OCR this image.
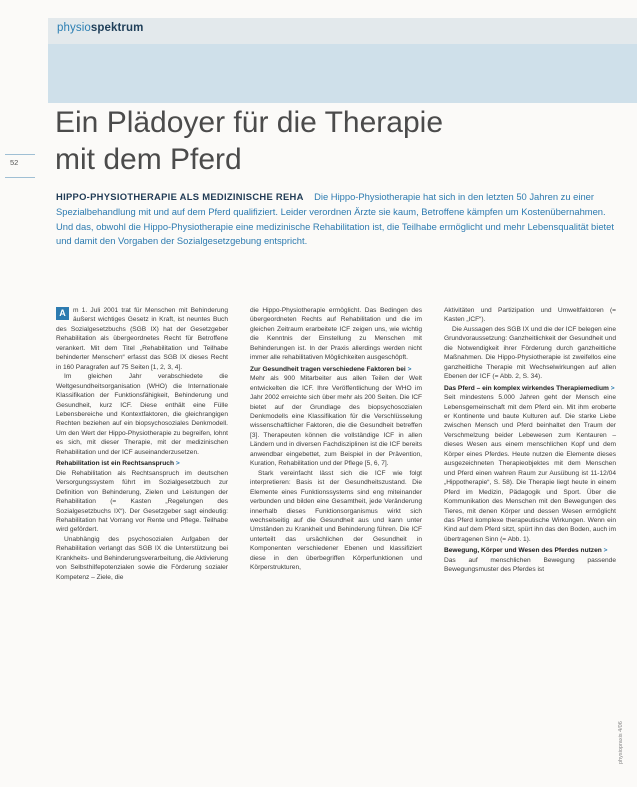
physiospektrum
52
Ein Plädoyer für die Therapie
mit dem Pferd
HIPPO-PHYSIOTHERAPIE ALS MEDIZINISCHE REHA Die Hippo-Physiotherapie hat sich in den letzten 50 Jahren zu einer Spezialbehandlung mit und auf dem Pferd qualifiziert. Leider verordnen Ärzte sie kaum, Betroffene kämpfen um Kostenübernahmen. Und das, obwohl die Hippo-Physiotherapie eine medizinische Rehabilitation ist, die Teilhabe ermöglicht und mehr Lebensqualität bietet und damit den Vorgaben der Sozialgesetzgebung entspricht.

A	m 1. Juli 2001 trat für Menschen mit Behinderung äußerst wichtiges Gesetz in Kraft, ist neuntes Buch des Sozialgesetzbuchs (SGB IX) hat der Gesetzgeber Rehabilitation als übergeordnetes Recht für Betroffene verankert. Mit dem Titel „Rehabilitation und Teilhabe behinderter Menschen“ erfasst das SGB IX dieses Recht in 160 Paragrafen auf 75 Seiten [1, 2, 3, 4].

Im gleichen Jahr verabschiedete die Weltgesundheitsorganisation (WHO) die Internationale Klassifikation der Funktionsfähigkeit, Behinderung und Gesundheit, kurz ICF. Diese enthält eine Fülle Lebensbereiche und Kontextfaktoren, die gleichrangigen Rechten beziehen auf ein biopsychosoziales Denkmodell. Um den Wert der Hippo-Physiotherapie zu begreifen, lohnt es sich, mit dieser Therapie, mit der medizinischen Rehabilitation und der ICF auseinanderzusetzen.

Rehabilitation ist ein Rechtsanspruch >

Die Rehabilitation als Rechtsanspruch im deutschen Versorgungssystem führt im Sozialgesetzbuch zur Definition von Behinderung, Zielen und Leistungen der Rehabilitation (= Kasten „Regelungen des Sozialgesetzbuchs IX“). Der Gesetzgeber sagt eindeutig: Rehabilitation hat Vorrang vor Rente und Pflege. Teilhabe wird gefördert.

Unabhängig des psychosozialen Aufgaben der Rehabilitation verlangt das SGB IX die Unterstützung bei Krankheits- und Behinderungsverarbeitung, die Aktivierung von Selbsthilfepotenzialen sowie die Förderung sozialer Kompetenz – Ziele, die

die Hippo-Physiotherapie ermöglicht. Das Bedingen des übergeordneten Rechts auf Rehabilitation und die im gleichen Zeitraum erarbeitete ICF zeigen uns, wie wichtig die Kenntnis der Einstellung zu Menschen mit Behinderungen ist. In der Praxis allerdings werden nicht immer alle rehabilitativen Möglichkeiten ausgeschöpft.

Zur Gesundheit tragen verschiedene Faktoren bei >

Mehr als 900 Mitarbeiter aus allen Teilen der Welt entwickelten die ICF. Ihre Veröffentlichung der WHO im Jahr 2002 erreichte sich über mehr als 200 Seiten. Die ICF bietet auf der Grundlage des biopsychosozialen Denkmodells eine Klassifikation für die Verschlüsselung wissenschaftlicher Faktoren, die die Gesundheit betreffen [3]. Therapeuten können die vollständige ICF in allen Ländern und in diversen Fachdisziplinen ist die ICF bereits anwendbar eingebettet, zum Beispiel in der Prävention, Kuration, Rehabilitation und der Pflege [5, 6, 7].

Stark vereinfacht lässt sich die ICF wie folgt interpretieren: Basis ist der Gesundheitszustand. Die Elemente eines Funktionssystems sind eng miteinander verbunden und bilden eine Gesamtheit, jede Veränderung innerhalb dieses Funktionsorganismus wirkt sich wechselseitig auf die Gesundheit aus und kann unter Umständen zu Krankheit und Behinderung führen. Die ICF unterteilt das ursächlichen der Gesundheit in Komponenten verschiedener Ebenen und klassifiziert diese in den überbegriffen Körperfunktionen und Körperstrukturen,

Aktivitäten und Partizipation und Umweltfaktoren (= Kasten „ICF“).

Die Aussagen des SGB IX und die der ICF belegen eine Grundvoraussetzung: Ganzheitlichkeit der Gesundheit und die Notwendigkeit ihrer Förderung durch ganzheitliche Maßnahmen. Die Hippo-Physiotherapie ist zweifellos eine ganzheitliche Therapie mit Wechselwirkungen auf allen Ebenen der ICF (= Abb. 2, S. 34).

Das Pferd – ein komplex wirkendes Therapiemedium >

Seit mindestens 5.000 Jahren geht der Mensch eine Lebensgemeinschaft mit dem Pferd ein. Mit ihm eroberte er Kontinente und baute Kulturen auf. Die starke Liebe zwischen Mensch und Pferd beinhaltet den Traum der Verschmelzung beider Lebewesen zum Kentauren – dieses Wesen aus einem menschlichen Kopf und dem Körper eines Pferdes. Heute nutzen die Elemente dieses ausgezeichneten Therapieobjektes mit dem Menschen und Pferd einen wahren Raum zur Ausübung ist 11-12/04 „Hippotherapie“, S. 58). Die Therapie liegt heute in einem Pferd im Medizin, Pädagogik und Sport. Über die Kommunikation des Menschen mit den Bewegungen des Tieres, mit denen Körper und dessen Wesen ermöglicht das Pferd komplexe therapeutische Wirkungen. Wenn ein Kind auf dem Pferd sitzt, spürt ihn das den Boden, auch im übertragenen Sinn (= Abb. 1).

Bewegung, Körper und Wesen des Pferdes nutzen >

Das auf menschlichen Bewegung passende Bewegungsmuster des Pferdes ist

physiopraxis 4/06
